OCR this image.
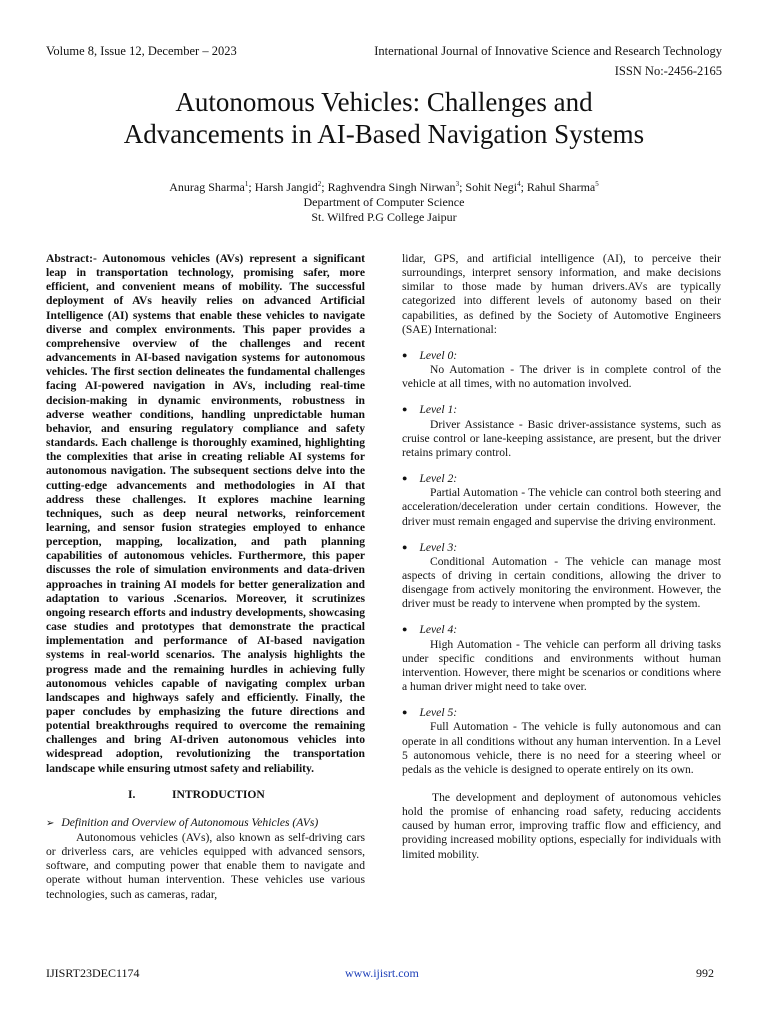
Volume 8, Issue 12, December – 2023	International Journal of Innovative Science and Research Technology
ISSN No:-2456-2165
Autonomous Vehicles: Challenges and
Advancements in AI-Based Navigation Systems
Anurag Sharma$^1$; Harsh Jangid$^2$; Raghvendra Singh Nirwan$^3$; Sohit Negi$^4$; Rahul Sharma$^5$
Department of Computer Science
St. Wilfred P.G College Jaipur

Abstract:- Autonomous vehicles (AVs) represent a significant leap in transportation technology, promising safer, more efficient, and convenient means of mobility. The successful deployment of AVs heavily relies on advanced Artificial Intelligence (AI) systems that enable these vehicles to navigate diverse and complex environments. This paper provides a comprehensive overview of the challenges and recent advancements in AI-based navigation systems for autonomous vehicles. The first section delineates the fundamental challenges facing AI-powered navigation in AVs, including real-time decision-making in dynamic environments, robustness in adverse weather conditions, handling unpredictable human behavior, and ensuring regulatory compliance and safety standards. Each challenge is thoroughly examined, highlighting the complexities that arise in creating reliable AI systems for autonomous navigation. The subsequent sections delve into the cutting-edge advancements and methodologies in AI that address these challenges. It explores machine learning techniques, such as deep neural networks, reinforcement learning, and sensor fusion strategies employed to enhance perception, mapping, localization, and path planning capabilities of autonomous vehicles. Furthermore, this paper discusses the role of simulation environments and data-driven approaches in training AI models for better generalization and adaptation to various .Scenarios. Moreover, it scrutinizes ongoing research efforts and industry developments, showcasing case studies and prototypes that demonstrate the practical implementation and performance of AI-based navigation systems in real-world scenarios. The analysis highlights the progress made and the remaining hurdles in achieving fully autonomous vehicles capable of navigating complex urban landscapes and highways safely and efficiently. Finally, the paper concludes by emphasizing the future directions and potential breakthroughs required to overcome the remaining challenges and bring AI-driven autonomous vehicles into widespread adoption, revolutionizing the transportation landscape while ensuring utmost safety and reliability.

I.	INTRODUCTION
➢ Definition and Overview of Autonomous Vehicles (AVs)

Autonomous vehicles (AVs), also known as self-driving cars or driverless cars, are vehicles equipped with advanced sensors, software, and computing power that enable them to navigate and operate without human intervention. These vehicles use various technologies, such as cameras, radar,

lidar, GPS, and artificial intelligence (AI), to perceive their surroundings, interpret sensory information, and make decisions similar to those made by human drivers.AVs are typically categorized into different levels of autonomy based on their capabilities, as defined by the Society of Automotive Engineers (SAE) International:

● Level 0:

No Automation - The driver is in complete control of the vehicle at all times, with no automation involved.

● Level 1:

Driver Assistance - Basic driver-assistance systems, such as cruise control or lane-keeping assistance, are present, but the driver retains primary control.

● Level 2:

Partial Automation - The vehicle can control both steering and acceleration/deceleration under certain conditions. However, the driver must remain engaged and supervise the driving environment.

● Level 3:

Conditional Automation - The vehicle can manage most aspects of driving in certain conditions, allowing the driver to disengage from actively monitoring the environment. However, the driver must be ready to intervene when prompted by the system.

● Level 4:

High Automation - The vehicle can perform all driving tasks under specific conditions and environments without human intervention. However, there might be scenarios or conditions where a human driver might need to take over.

● Level 5:

Full Automation - The vehicle is fully autonomous and can operate in all conditions without any human intervention. In a Level 5 autonomous vehicle, there is no need for a steering wheel or pedals as the vehicle is designed to operate entirely on its own.

The development and deployment of autonomous vehicles hold the promise of enhancing road safety, reducing accidents caused by human error, improving traffic flow and efficiency, and providing increased mobility options, especially for individuals with limited mobility.

IJISRT23DEC1174	www.ijisrt.com	992
